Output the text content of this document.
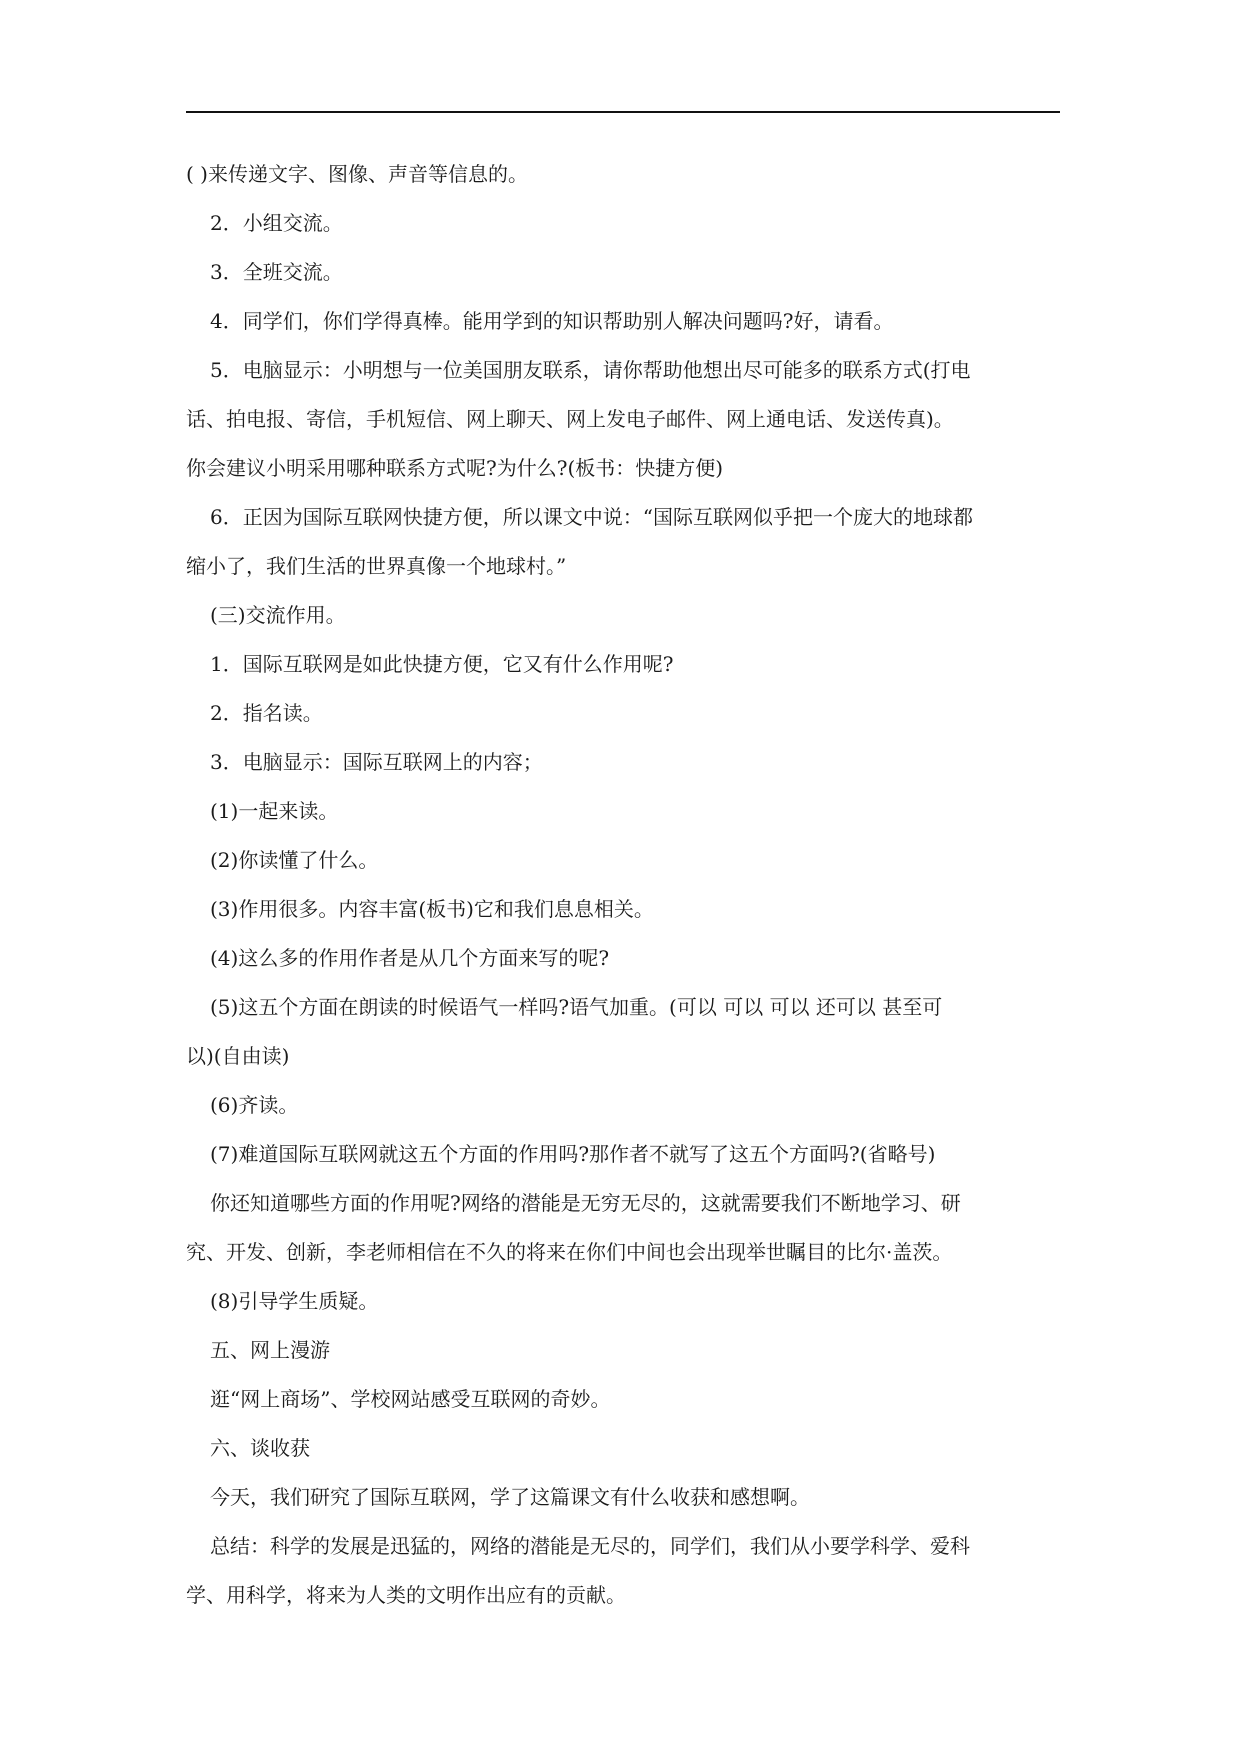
( )来传递文字、图像、声音等信息的。

2．小组交流。

3．全班交流。

4．同学们，你们学得真棒。能用学到的知识帮助别人解决问题吗?好，请看。

5．电脑显示：小明想与一位美国朋友联系，请你帮助他想出尽可能多的联系方式(打电

话、拍电报、寄信，手机短信、网上聊天、网上发电子邮件、网上通电话、发送传真)。

你会建议小明采用哪种联系方式呢?为什么?(板书：快捷方便)

6．正因为国际互联网快捷方便，所以课文中说：“国际互联网似乎把一个庞大的地球都

缩小了，我们生活的世界真像一个地球村。”

(三)交流作用。

1．国际互联网是如此快捷方便，它又有什么作用呢?

2．指名读。

3．电脑显示：国际互联网上的内容；

(1)一起来读。

(2)你读懂了什么。

(3)作用很多。内容丰富(板书)它和我们息息相关。

(4)这么多的作用作者是从几个方面来写的呢?

(5)这五个方面在朗读的时候语气一样吗?语气加重。(可以 可以 可以 还可以 甚至可

以)(自由读)

(6)齐读。

(7)难道国际互联网就这五个方面的作用吗?那作者不就写了这五个方面吗?(省略号)

你还知道哪些方面的作用呢?网络的潜能是无穷无尽的，这就需要我们不断地学习、研

究、开发、创新，李老师相信在不久的将来在你们中间也会出现举世瞩目的比尔·盖茨。

(8)引导学生质疑。

五、网上漫游

逛“网上商场”、学校网站感受互联网的奇妙。

六、谈收获

今天，我们研究了国际互联网，学了这篇课文有什么收获和感想啊。

总结：科学的发展是迅猛的，网络的潜能是无尽的，同学们，我们从小要学科学、爱科

学、用科学，将来为人类的文明作出应有的贡献。
